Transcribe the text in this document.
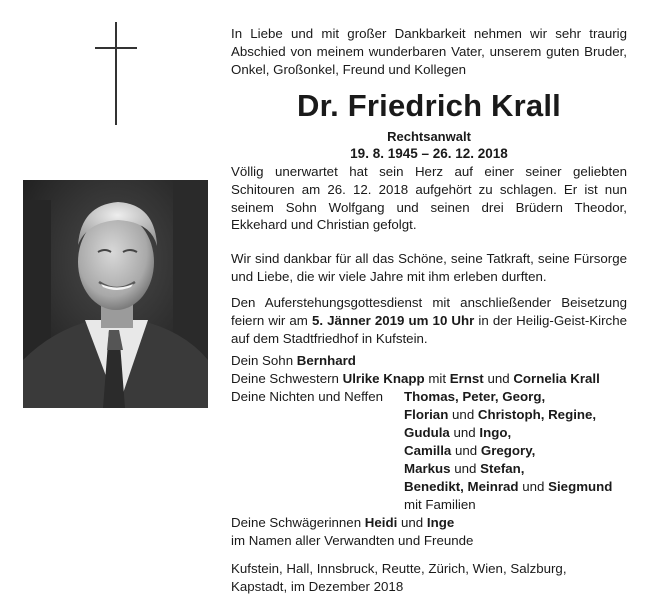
In Liebe und mit großer Dankbarkeit nehmen wir sehr traurig Abschied von meinem wunderbaren Vater, unserem guten Bruder, Onkel, Großonkel, Freund und Kollegen
Dr. Friedrich Krall
Rechtsanwalt
19. 8. 1945 – 26. 12. 2018
Völlig unerwartet hat sein Herz auf einer seiner geliebten Schitouren am 26. 12. 2018 aufgehört zu schlagen. Er ist nun seinem Sohn Wolfgang und seinen drei Brüdern Theodor, Ekkehard und Christian gefolgt.
Wir sind dankbar für all das Schöne, seine Tatkraft, seine Fürsorge und Liebe, die wir viele Jahre mit ihm erleben durften.
Den Auferstehungsgottesdienst mit anschließender Beisetzung feiern wir am 5. Jänner 2019 um 10 Uhr in der Heilig-Geist-Kirche auf dem Stadtfriedhof in Kufstein.
Dein Sohn Bernhard
Deine Schwestern Ulrike Knapp mit Ernst und Cornelia Krall
Deine Nichten und Neffen Thomas, Peter, Georg,
Florian und Christoph, Regine,
Gudula und Ingo,
Camilla und Gregory,
Markus und Stefan,
Benedikt, Meinrad und Siegmund
mit Familien
Deine Schwägerinnen Heidi und Inge
im Namen aller Verwandten und Freunde
Kufstein, Hall, Innsbruck, Reutte, Zürich, Wien, Salzburg,
Kapstadt, im Dezember 2018
